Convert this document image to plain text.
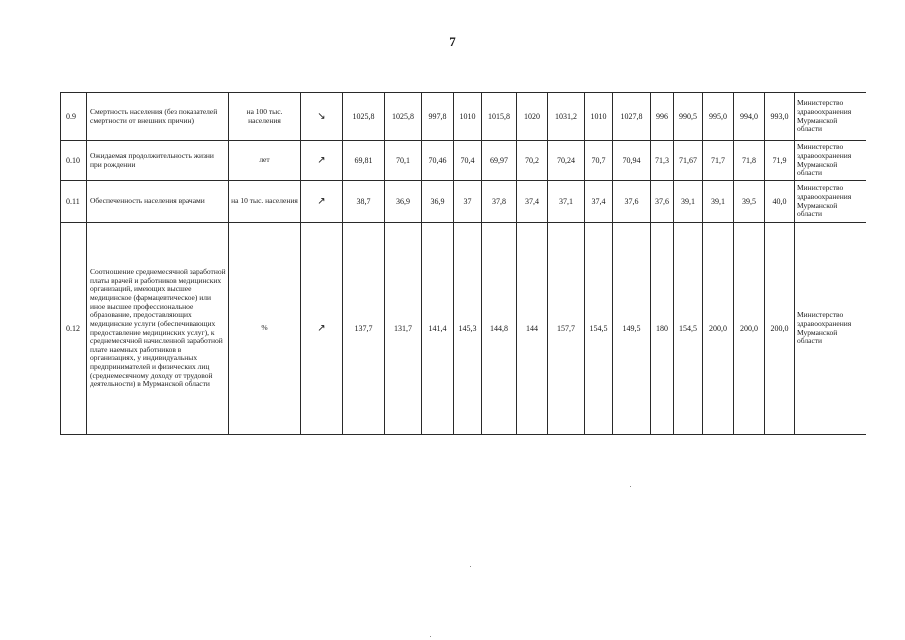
7
0.9	Смертность населения (без показателей смертности от внешних причин)	на 100 тыс. населения	↘	1025,8	1025,8	997,8	1010	1015,8	1020	1031,2	1010	1027,8	996	990,5	995,0	994,0	993,0	Министерство здравоохранения Мурманской области
0.10	Ожидаемая продолжительность жизни при рождении	лет	↗	69,81	70,1	70,46	70,4	69,97	70,2	70,24	70,7	70,94	71,3	71,67	71,7	71,8	71,9	Министерство здравоохранения Мурманской области
0.11	Обеспеченность населения врачами	на 10 тыс. населения	↗	38,7	36,9	36,9	37	37,8	37,4	37,1	37,4	37,6	37,6	39,1	39,1	39,5	40,0	Министерство здравоохранения Мурманской области
0.12	Соотношение среднемесячной заработной платы врачей и работников медицинских организаций, имеющих высшее медицинское (фармацевтическое) или иное высшее профессиональное образование, предоставляющих медицинские услуги (обеспечивающих предоставление медицинских услуг), к среднемесячной начисленной заработной плате наемных работников в организациях, у индивидуальных предпринимателей и физических лиц (среднемесячному доходу от трудовой деятельности) в Мурманской области	%	↗	137,7	131,7	141,4	145,3	144,8	144	157,7	154,5	149,5	180	154,5	200,0	200,0	200,0	Министерство здравоохранения Мурманской области
